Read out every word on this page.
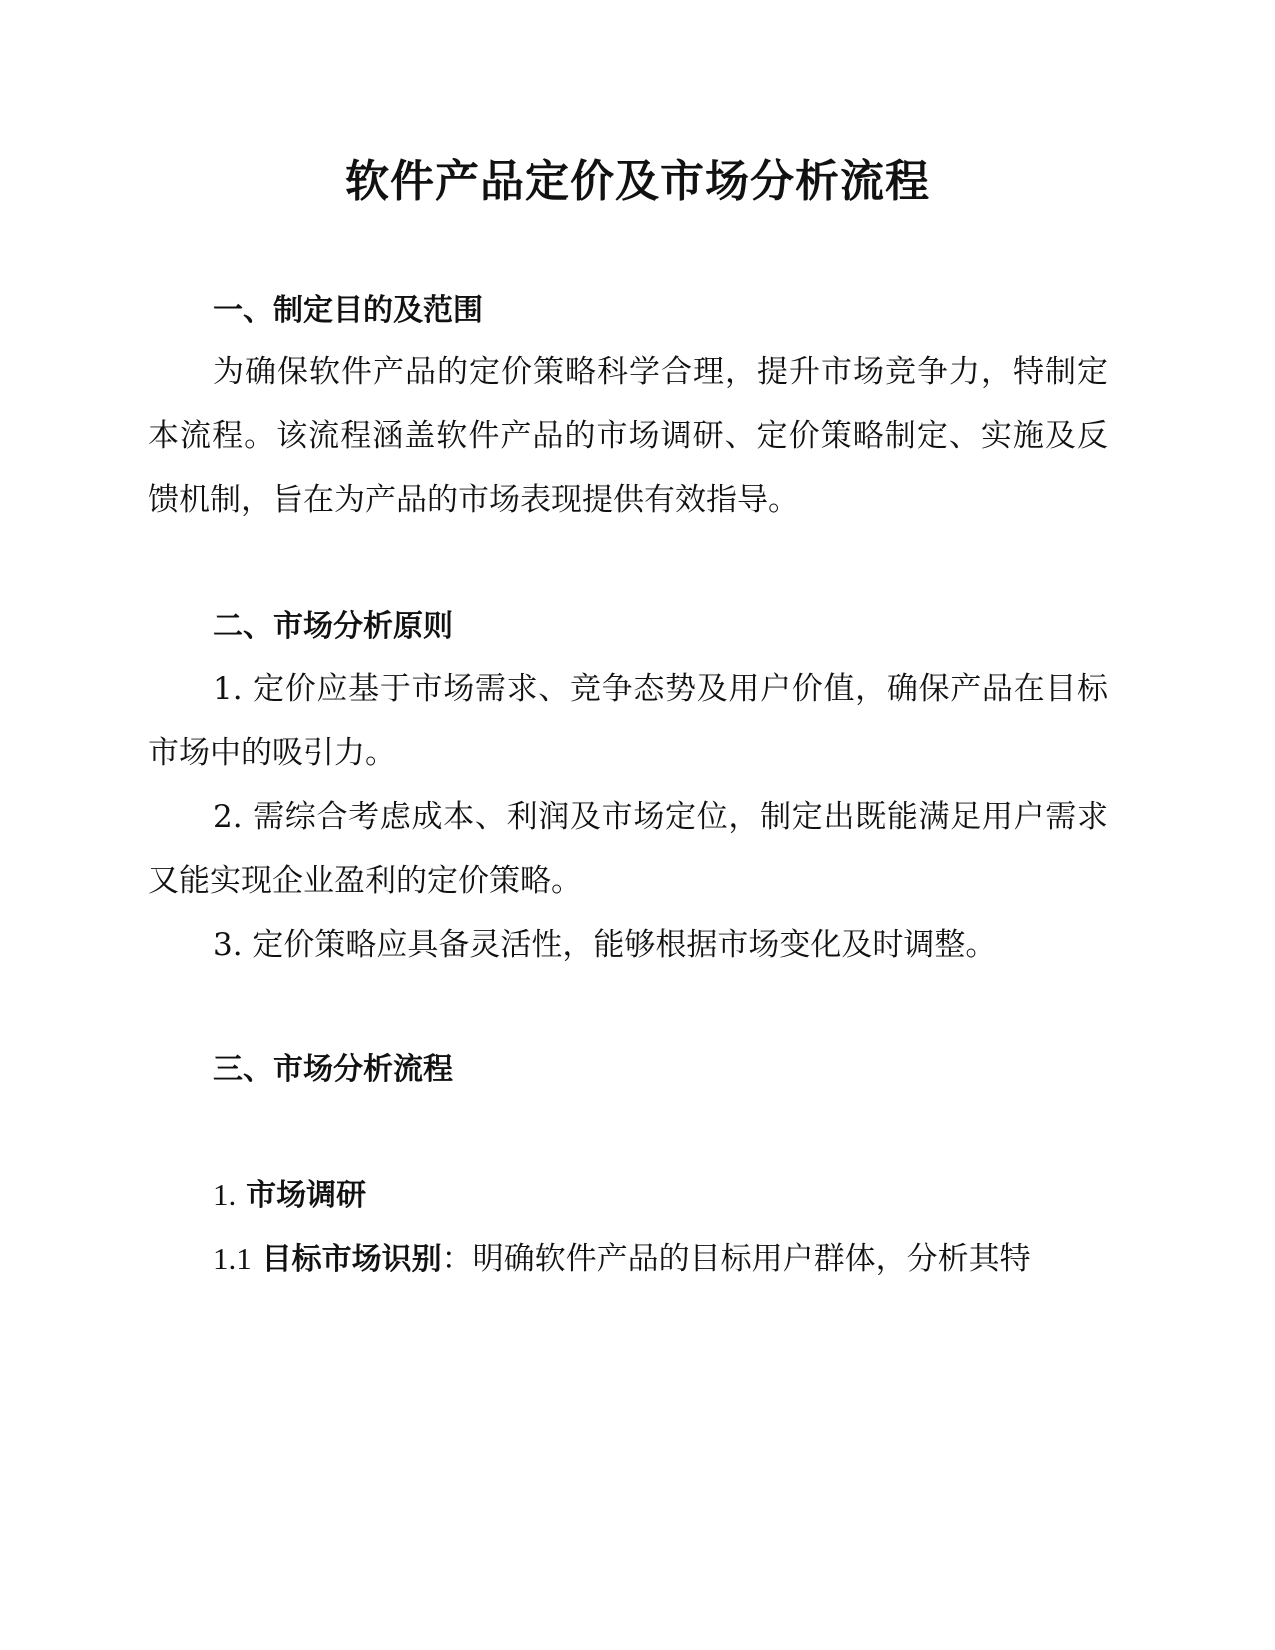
软件产品定价及市场分析流程
一、制定目的及范围

为确保软件产品的定价策略科学合理，提升市场竞争力，特制定本流程。该流程涵盖软件产品的市场调研、定价策略制定、实施及反馈机制，旨在为产品的市场表现提供有效指导。

二、市场分析原则

1. 定价应基于市场需求、竞争态势及用户价值，确保产品在目标市场中的吸引力。

2. 需综合考虑成本、利润及市场定位，制定出既能满足用户需求又能实现企业盈利的定价策略。

3. 定价策略应具备灵活性，能够根据市场变化及时调整。

三、市场分析流程

1. 市场调研

1.1 目标市场识别：明确软件产品的目标用户群体，分析其特
